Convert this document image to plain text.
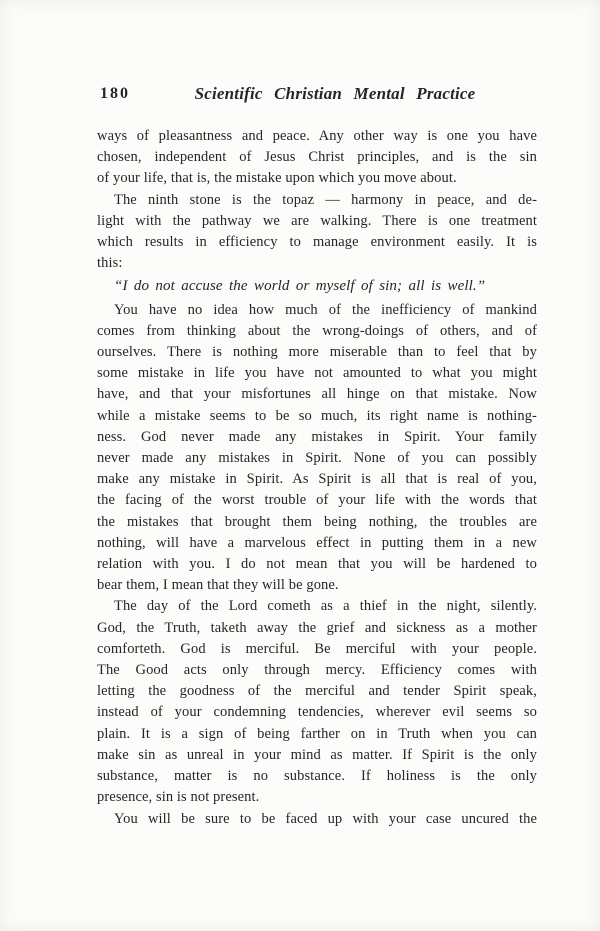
180	Scientific Christian Mental Practice
ways of pleasantness and peace. Any other way is one you have
chosen, independent of Jesus Christ principles, and is the sin
of your life, that is, the mistake upon which you move about.
The ninth stone is the topaz — harmony in peace, and de-
light with the pathway we are walking. There is one treatment
which results in efficiency to manage environment easily. It is
this:
“I do not accuse the world or myself of sin; all is well.”
You have no idea how much of the inefficiency of mankind
comes from thinking about the wrong-doings of others, and of
ourselves. There is nothing more miserable than to feel that by
some mistake in life you have not amounted to what you might
have, and that your misfortunes all hinge on that mistake. Now
while a mistake seems to be so much, its right name is nothing-
ness. God never made any mistakes in Spirit. Your family
never made any mistakes in Spirit. None of you can possibly
make any mistake in Spirit. As Spirit is all that is real of you,
the facing of the worst trouble of your life with the words that
the mistakes that brought them being nothing, the troubles are
nothing, will have a marvelous effect in putting them in a new
relation with you. I do not mean that you will be hardened to
bear them, I mean that they will be gone.
The day of the Lord cometh as a thief in the night, silently.
God, the Truth, taketh away the grief and sickness as a mother
comforteth. God is merciful. Be merciful with your people.
The Good acts only through mercy. Efficiency comes with
letting the goodness of the merciful and tender Spirit speak,
instead of your condemning tendencies, wherever evil seems so
plain. It is a sign of being farther on in Truth when you can
make sin as unreal in your mind as matter. If Spirit is the only
substance, matter is no substance. If holiness is the only
presence, sin is not present.
You will be sure to be faced up with your case uncured the
